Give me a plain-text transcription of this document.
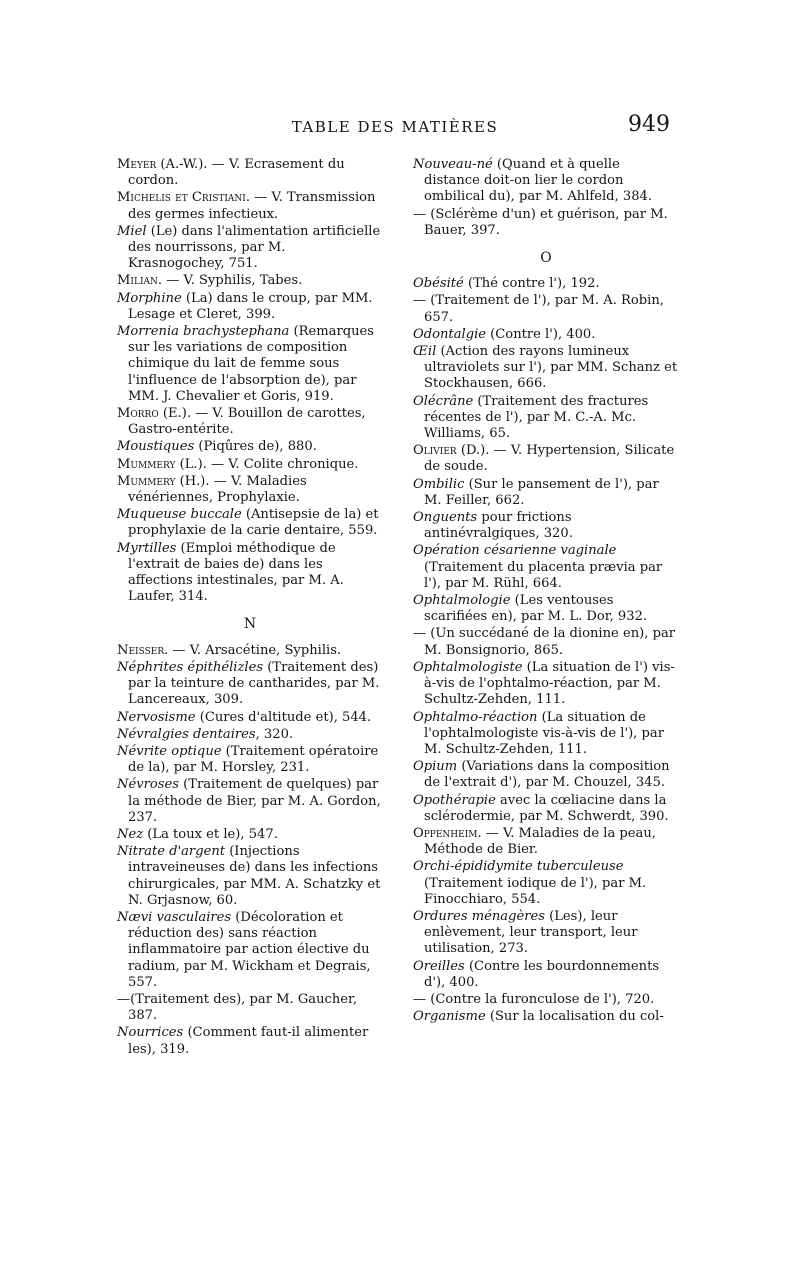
TABLE DES MATIÈRES	949

Meyer (A.-W.). — V. Ecrasement du cordon.

Michelis et Cristiani. — V. Transmission des germes infectieux.

Miel (Le) dans l'alimentation artificielle des nourrissons, par M. Krasnogochey, 751.

Milian. — V. Syphilis, Tabes.

Morphine (La) dans le croup, par MM. Lesage et Cleret, 399.

Morrenia brachystephana (Remarques sur les variations de composition chimique du lait de femme sous l'influence de l'absorption de), par MM. J. Chevalier et Goris, 919.

Morro (E.). — V. Bouillon de carottes, Gastro-entérite.

Moustiques (Piqûres de), 880.

Mummery (L.). — V. Colite chronique.

Mummery (H.). — V. Maladies vénériennes, Prophylaxie.

Muqueuse buccale (Antisepsie de la) et prophylaxie de la carie dentaire, 559.

Myrtilles (Emploi méthodique de l'extrait de baies de) dans les affections intestinales, par M. A. Laufer, 314.

N

Neisser. — V. Arsacétine, Syphilis.

Néphrites épithélizles (Traitement des) par la teinture de cantharides, par M. Lancereaux, 309.

Nervosisme (Cures d'altitude et), 544.

Névralgies dentaires, 320.

Névrite optique (Traitement opératoire de la), par M. Horsley, 231.

Névroses (Traitement de quelques) par la méthode de Bier, par M. A. Gordon, 237.

Nez (La toux et le), 547.

Nitrate d'argent (Injections intraveineuses de) dans les infections chirurgicales, par MM. A. Schatzky et N. Grjasnow, 60.

Nævi vasculaires (Décoloration et réduction des) sans réaction inflammatoire par action élective du radium, par M. Wickham et Degrais, 557.

—(Traitement des), par M. Gaucher, 387.

Nourrices (Comment faut-il alimenter les), 319.

Nouveau-né (Quand et à quelle distance doit-on lier le cordon ombilical du), par M. Ahlfeld, 384.

— (Sclérème d'un) et guérison, par M. Bauer, 397.

O

Obésité (Thé contre l'), 192.

— (Traitement de l'), par M. A. Robin, 657.

Odontalgie (Contre l'), 400.

Œil (Action des rayons lumineux ultraviolets sur l'), par MM. Schanz et Stockhausen, 666.

Olécrâne (Traitement des fractures récentes de l'), par M. C.-A. Mc. Williams, 65.

Olivier (D.). — V. Hypertension, Silicate de soude.

Ombilic (Sur le pansement de l'), par M. Feiller, 662.

Onguents pour frictions antinévralgiques, 320.

Opération césarienne vaginale (Traitement du placenta prævia par l'), par M. Rühl, 664.

Ophtalmologie (Les ventouses scarifiées en), par M. L. Dor, 932.

— (Un succédané de la dionine en), par M. Bonsignorio, 865.

Ophtalmologiste (La situation de l') vis-à-vis de l'ophtalmo-réaction, par M. Schultz-Zehden, 111.

Ophtalmo-réaction (La situation de l'ophtalmologiste vis-à-vis de l'), par M. Schultz-Zehden, 111.

Opium (Variations dans la composition de l'extrait d'), par M. Chouzel, 345.

Opothérapie avec la cœliacine dans la sclérodermie, par M. Schwerdt, 390.

Oppenheim. — V. Maladies de la peau, Méthode de Bier.

Orchi-épididymite tuberculeuse (Traitement iodique de l'), par M. Finocchiaro, 554.

Ordures ménagères (Les), leur enlèvement, leur transport, leur utilisation, 273.

Oreilles (Contre les bourdonnements d'), 400.

— (Contre la furonculose de l'), 720.

Organisme (Sur la localisation du col-
